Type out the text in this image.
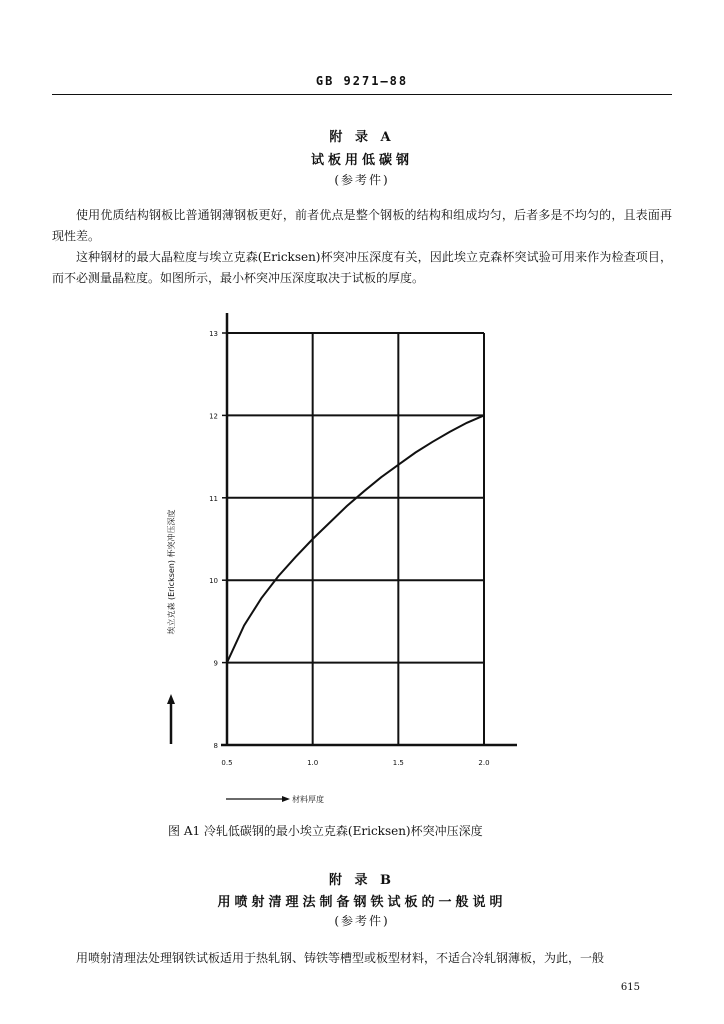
GB 9271—88
附 录 A
试板用低碳钢
(参考件)

使用优质结构钢板比普通钢薄钢板更好，前者优点是整个钢板的结构和组成均匀，后者多是不均匀的，且表面再现性差。

这种钢材的最大晶粒度与埃立克森(Ericksen)杯突冲压深度有关，因此埃立克森杯突试验可用来作为检查项目，而不必测量晶粒度。如图所示，最小杯突冲压深度取决于试板的厚度。

8
9
10
11
12
13
0.5	1.0	1.5	2.0
埃立克森 (Ericksen) 杯突冲压深度
材料厚度
图 A1 冷轧低碳钢的最小埃立克森(Ericksen)杯突冲压深度
附 录 B
用喷射清理法制备钢铁试板的一般说明
(参考件)

用喷射清理法处理钢铁试板适用于热轧钢、铸铁等槽型或板型材料，不适合冷轧钢薄板，为此，一般

615
